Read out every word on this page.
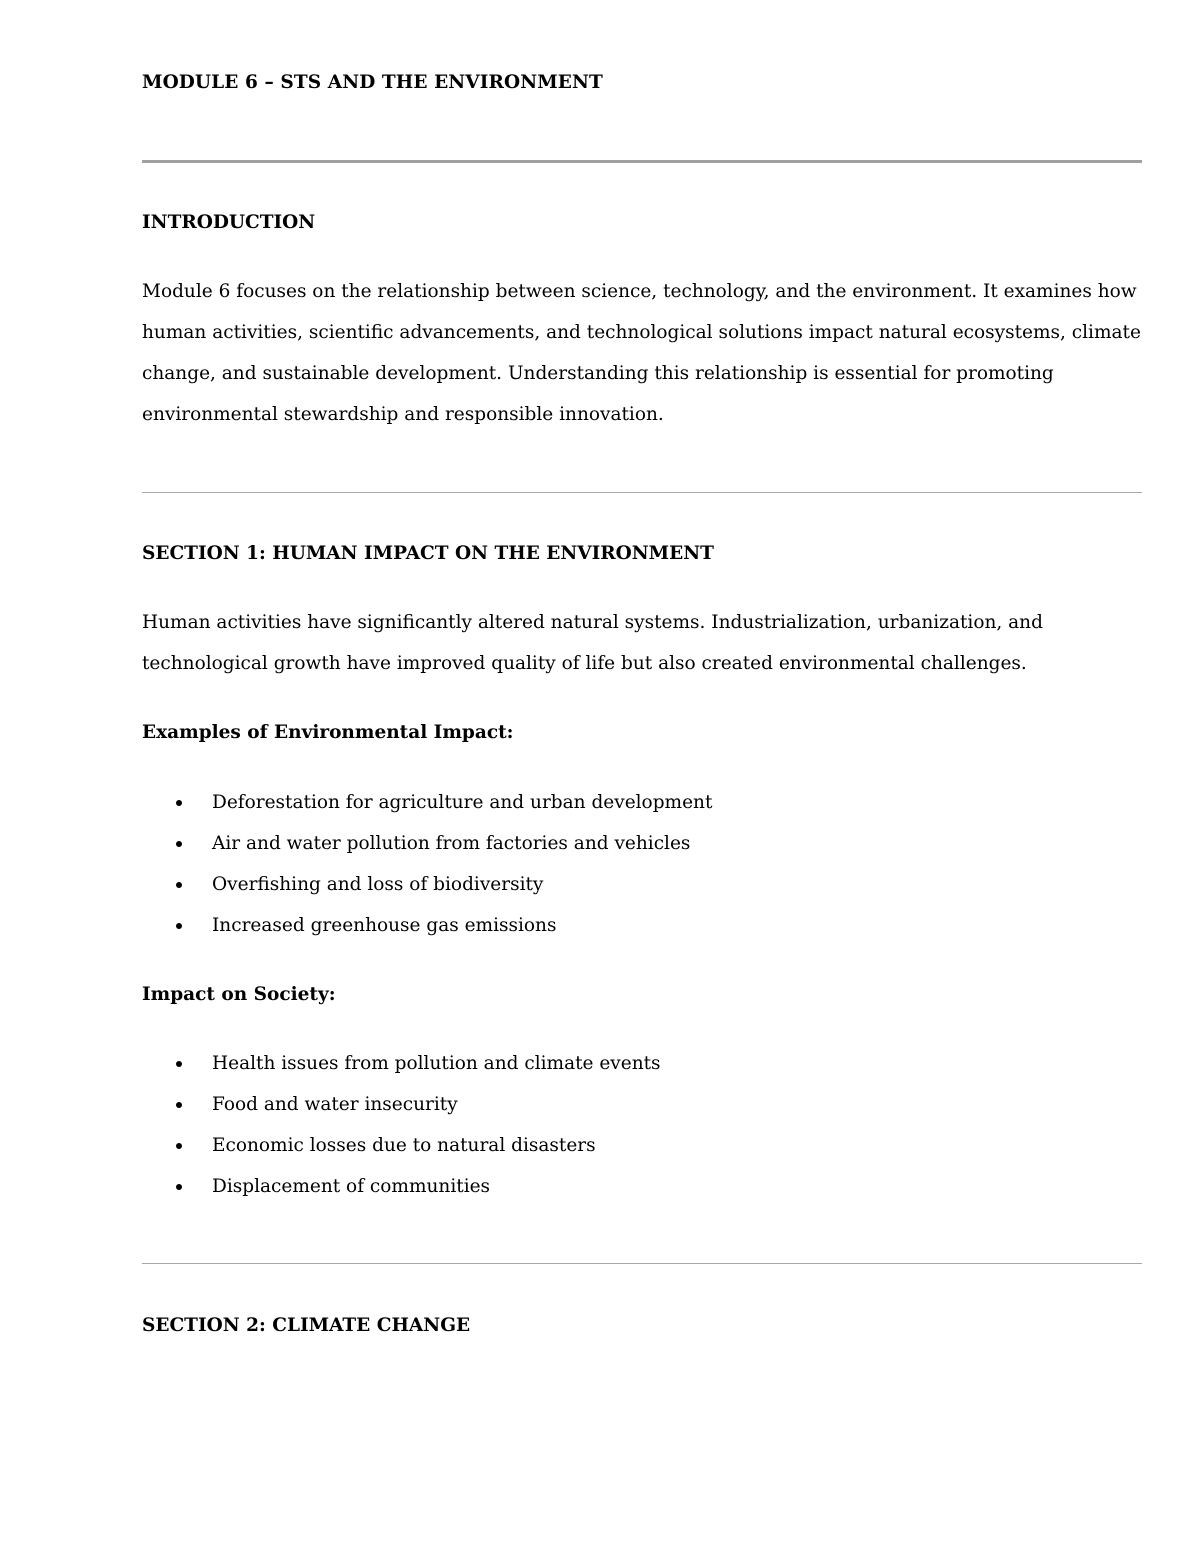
MODULE 6 – STS AND THE ENVIRONMENT
INTRODUCTION

Module 6 focuses on the relationship between science, technology, and the environment. It examines how human activities, scientific advancements, and technological solutions impact natural ecosystems, climate change, and sustainable development. Understanding this relationship is essential for promoting environmental stewardship and responsible innovation.

SECTION 1: HUMAN IMPACT ON THE ENVIRONMENT

Human activities have significantly altered natural systems. Industrialization, urbanization, and technological growth have improved quality of life but also created environmental challenges.

Examples of Environmental Impact:
Deforestation for agriculture and urban development
Air and water pollution from factories and vehicles
Overfishing and loss of biodiversity
Increased greenhouse gas emissions
Impact on Society:
Health issues from pollution and climate events
Food and water insecurity
Economic losses due to natural disasters
Displacement of communities
SECTION 2: CLIMATE CHANGE
